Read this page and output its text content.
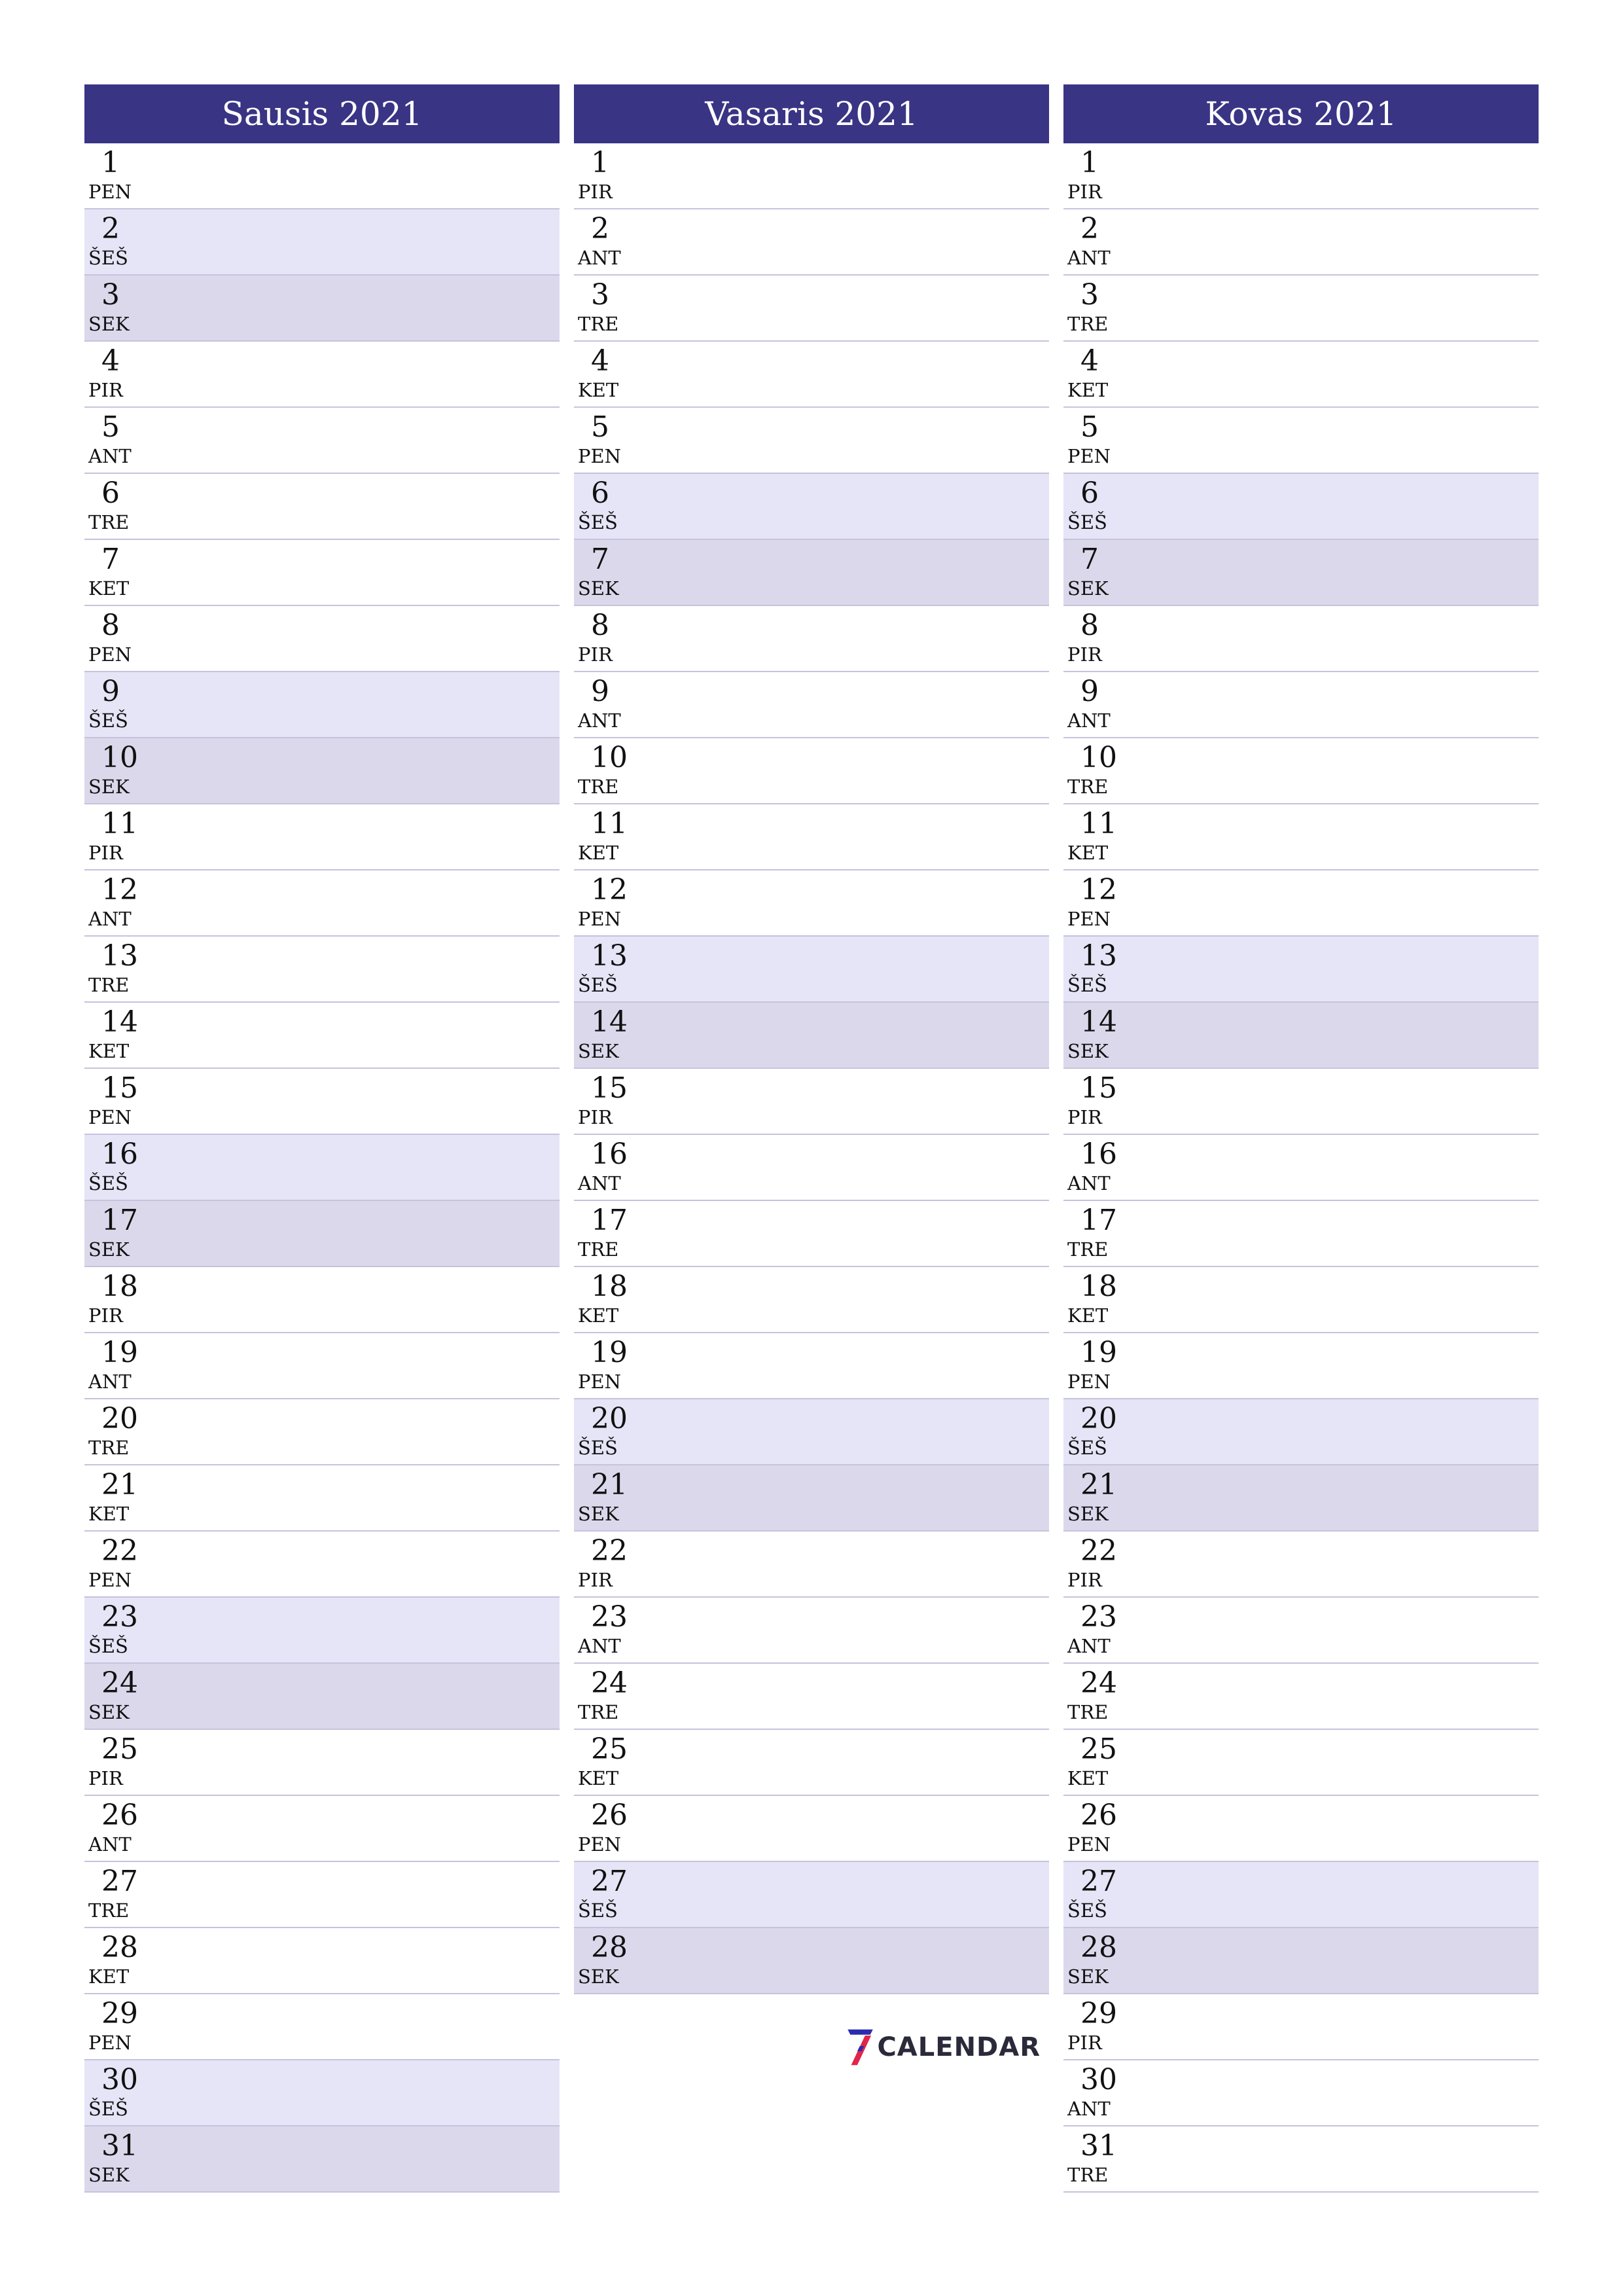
Sausis 2021
1
PEN
2
ŠEŠ
3
SEK
4
PIR
5
ANT
6
TRE
7
KET
8
PEN
9
ŠEŠ
10
SEK
11
PIR
12
ANT
13
TRE
14
KET
15
PEN
16
ŠEŠ
17
SEK
18
PIR
19
ANT
20
TRE
21
KET
22
PEN
23
ŠEŠ
24
SEK
25
PIR
26
ANT
27
TRE
28
KET
29
PEN
30
ŠEŠ
31
SEK
Vasaris 2021
1
PIR
2
ANT
3
TRE
4
KET
5
PEN
6
ŠEŠ
7
SEK
8
PIR
9
ANT
10
TRE
11
KET
12
PEN
13
ŠEŠ
14
SEK
15
PIR
16
ANT
17
TRE
18
KET
19
PEN
20
ŠEŠ
21
SEK
22
PIR
23
ANT
24
TRE
25
KET
26
PEN
27
ŠEŠ
28
SEK
Kovas 2021
1
PIR
2
ANT
3
TRE
4
KET
5
PEN
6
ŠEŠ
7
SEK
8
PIR
9
ANT
10
TRE
11
KET
12
PEN
13
ŠEŠ
14
SEK
15
PIR
16
ANT
17
TRE
18
KET
19
PEN
20
ŠEŠ
21
SEK
22
PIR
23
ANT
24
TRE
25
KET
26
PEN
27
ŠEŠ
28
SEK
29
PIR
30
ANT
31
TRE
CALENDAR
